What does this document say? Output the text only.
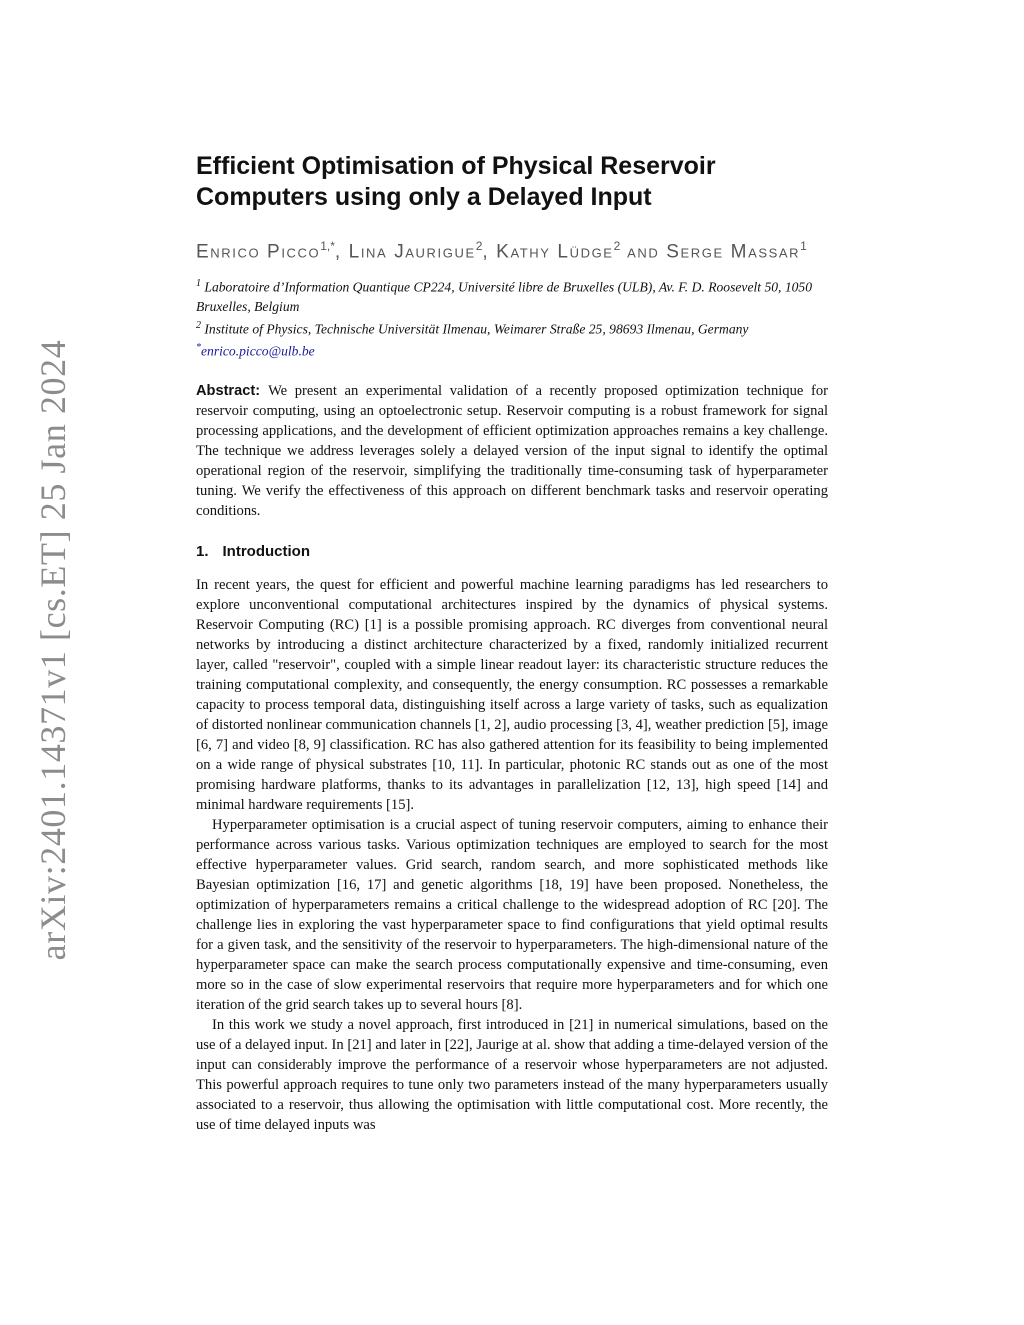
arXiv:2401.14371v1 [cs.ET] 25 Jan 2024
Efficient Optimisation of Physical Reservoir Computers using only a Delayed Input
Enrico Picco$^{1,*}$, Lina Jaurigue$^2$, Kathy Lüdge$^2$ and Serge Massar$^1$

$^1$ Laboratoire d’Information Quantique CP224, Université libre de Bruxelles (ULB), Av. F. D. Roosevelt 50, 1050 Bruxelles, Belgium

$^2$ Institute of Physics, Technische Universität Ilmenau, Weimarer Straße 25, 98693 Ilmenau, Germany

*enrico.picco@ulb.be

Abstract: We present an experimental validation of a recently proposed optimization technique for reservoir computing, using an optoelectronic setup. Reservoir computing is a robust framework for signal processing applications, and the development of efficient optimization approaches remains a key challenge. The technique we address leverages solely a delayed version of the input signal to identify the optimal operational region of the reservoir, simplifying the traditionally time-consuming task of hyperparameter tuning. We verify the effectiveness of this approach on different benchmark tasks and reservoir operating conditions.

1. Introduction

In recent years, the quest for efficient and powerful machine learning paradigms has led researchers to explore unconventional computational architectures inspired by the dynamics of physical systems. Reservoir Computing (RC) [1] is a possible promising approach. RC diverges from conventional neural networks by introducing a distinct architecture characterized by a fixed, randomly initialized recurrent layer, called "reservoir", coupled with a simple linear readout layer: its characteristic structure reduces the training computational complexity, and consequently, the energy consumption. RC possesses a remarkable capacity to process temporal data, distinguishing itself across a large variety of tasks, such as equalization of distorted nonlinear communication channels [1, 2], audio processing [3, 4], weather prediction [5], image [6, 7] and video [8, 9] classification. RC has also gathered attention for its feasibility to being implemented on a wide range of physical substrates [10, 11]. In particular, photonic RC stands out as one of the most promising hardware platforms, thanks to its advantages in parallelization [12, 13], high speed [14] and minimal hardware requirements [15].

Hyperparameter optimisation is a crucial aspect of tuning reservoir computers, aiming to enhance their performance across various tasks. Various optimization techniques are employed to search for the most effective hyperparameter values. Grid search, random search, and more sophisticated methods like Bayesian optimization [16, 17] and genetic algorithms [18, 19] have been proposed. Nonetheless, the optimization of hyperparameters remains a critical challenge to the widespread adoption of RC [20]. The challenge lies in exploring the vast hyperparameter space to find configurations that yield optimal results for a given task, and the sensitivity of the reservoir to hyperparameters. The high-dimensional nature of the hyperparameter space can make the search process computationally expensive and time-consuming, even more so in the case of slow experimental reservoirs that require more hyperparameters and for which one iteration of the grid search takes up to several hours [8].

In this work we study a novel approach, first introduced in [21] in numerical simulations, based on the use of a delayed input. In [21] and later in [22], Jaurige at al. show that adding a time-delayed version of the input can considerably improve the performance of a reservoir whose hyperparameters are not adjusted. This powerful approach requires to tune only two parameters instead of the many hyperparameters usually associated to a reservoir, thus allowing the optimisation with little computational cost. More recently, the use of time delayed inputs was
